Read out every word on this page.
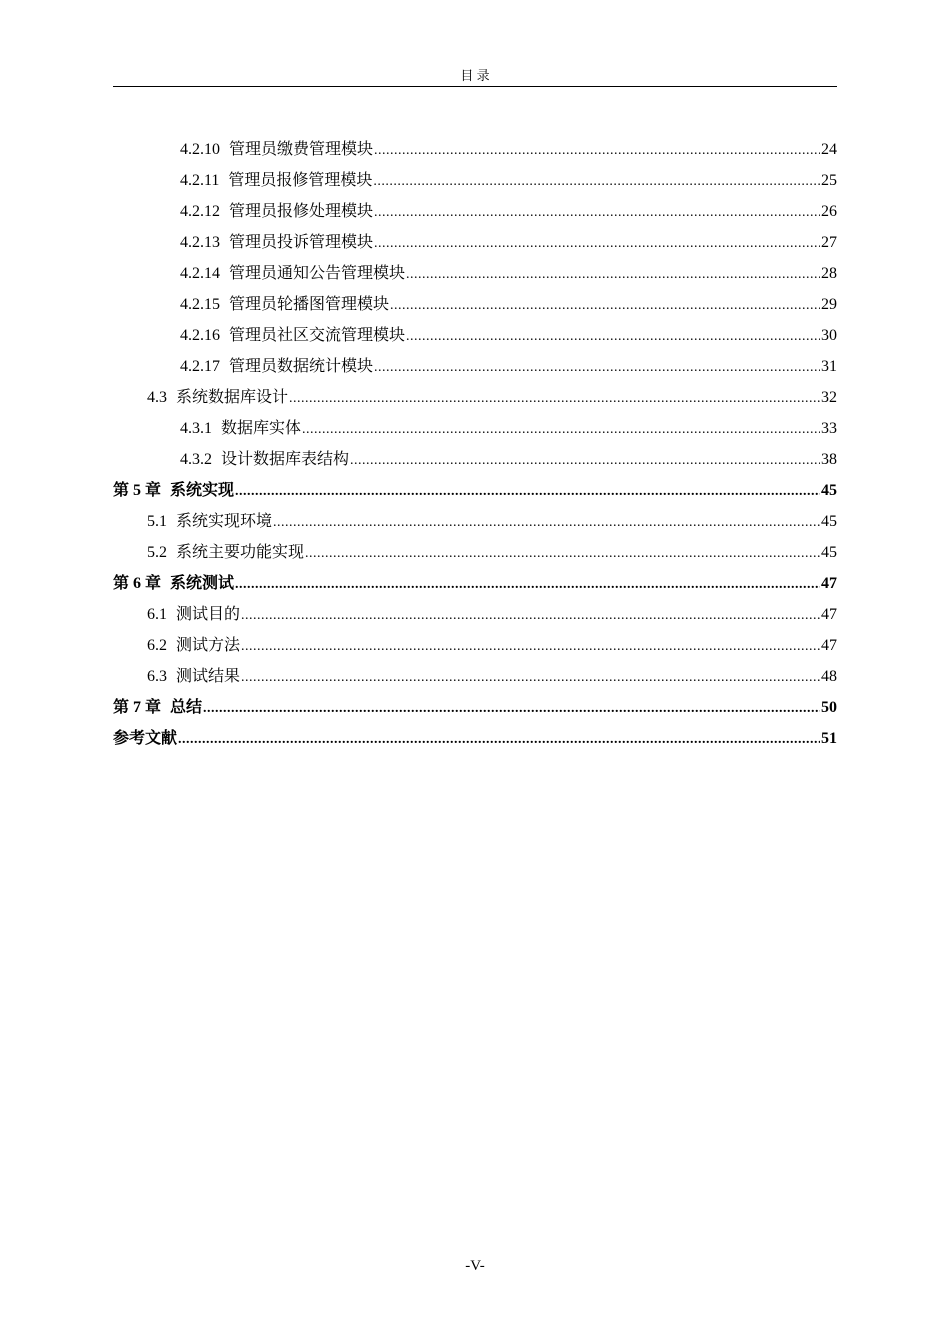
目 录
4.2.10 管理员缴费管理模块 .....	24
4.2.11 管理员报修管理模块 .....	25
4.2.12 管理员报修处理模块 .....	26
4.2.13 管理员投诉管理模块 .....	27
4.2.14 管理员通知公告管理模块 .....	28
4.2.15 管理员轮播图管理模块 .....	29
4.2.16 管理员社区交流管理模块 .....	30
4.2.17 管理员数据统计模块 .....	31
4.3 系统数据库设计 .....	32
4.3.1 数据库实体 .....	33
4.3.2 设计数据库表结构 .....	38
第 5 章 系统实现 .....	45
5.1 系统实现环境 .....	45
5.2 系统主要功能实现 .....	45
第 6 章 系统测试 .....	47
6.1 测试目的 .....	47
6.2 测试方法 .....	47
6.3 测试结果 .....	48
第 7 章 总结 .....	50
参考文献 .....	51
-V-
